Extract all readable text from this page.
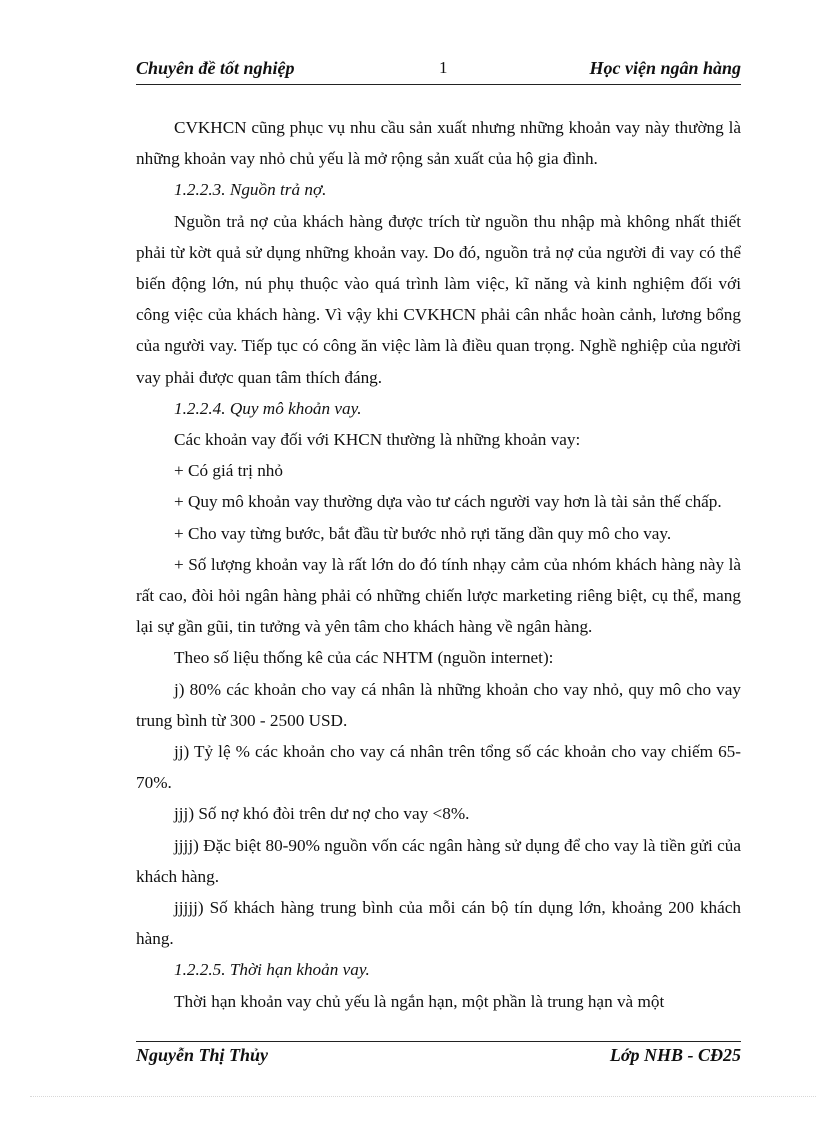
Chuyên đề tốt nghiệp	1	Học viện ngân hàng

CVKHCN cũng phục vụ nhu cầu sản xuất nhưng những khoản vay này thường là những khoản vay nhỏ chủ yếu là mở rộng sản xuất của hộ gia đình.

1.2.2.3. Nguồn trả nợ.

Nguồn trả nợ của khách hàng được trích từ nguồn thu nhập mà không nhất thiết phải từ kờt quả sử dụng những khoản vay. Do đó, nguồn trả nợ của người đi vay có thể biến động lớn, nú phụ thuộc vào quá trình làm việc, kĩ năng và kinh nghiệm đối với công việc của khách hàng. Vì vậy khi CVKHCN phải cân nhắc hoàn cảnh, lương bổng của người vay. Tiếp tục có công ăn việc làm là điều quan trọng. Nghề nghiệp của người vay phải được quan tâm thích đáng.

1.2.2.4. Quy mô khoản vay.

Các khoản vay đối với KHCN thường là những khoản vay:

+ Có giá trị nhỏ

+ Quy mô khoản vay thường dựa vào tư cách người vay hơn là tài sản thế chấp.

+ Cho vay từng bước, bắt đầu từ bước nhỏ rựi tăng dần quy mô cho vay.

+ Số lượng khoản vay là rất lớn do đó tính nhạy cảm của nhóm khách hàng này là rất cao, đòi hỏi ngân hàng phải có những chiến lược marketing riêng biệt, cụ thể, mang lại sự gần gũi, tin tưởng và yên tâm cho khách hàng về ngân hàng.

Theo số liệu thống kê của các NHTM (nguồn internet):

j) 80% các khoản cho vay cá nhân là những khoản cho vay nhỏ, quy mô cho vay trung bình từ 300 - 2500 USD.

jj) Tỷ lệ % các khoản cho vay cá nhân trên tổng số các khoản cho vay chiếm 65-70%.

jjj) Số nợ khó đòi trên dư nợ cho vay <8%.

jjjj) Đặc biệt 80-90% nguồn vốn các ngân hàng sử dụng để cho vay là tiền gửi của khách hàng.

jjjjj) Số khách hàng trung bình của mỗi cán bộ tín dụng lớn, khoảng 200 khách hàng.

1.2.2.5. Thời hạn khoản vay.

Thời hạn khoản vay chủ yếu là ngắn hạn, một phần là trung hạn và một

Nguyễn Thị Thủy	Lớp NHB - CĐ25
